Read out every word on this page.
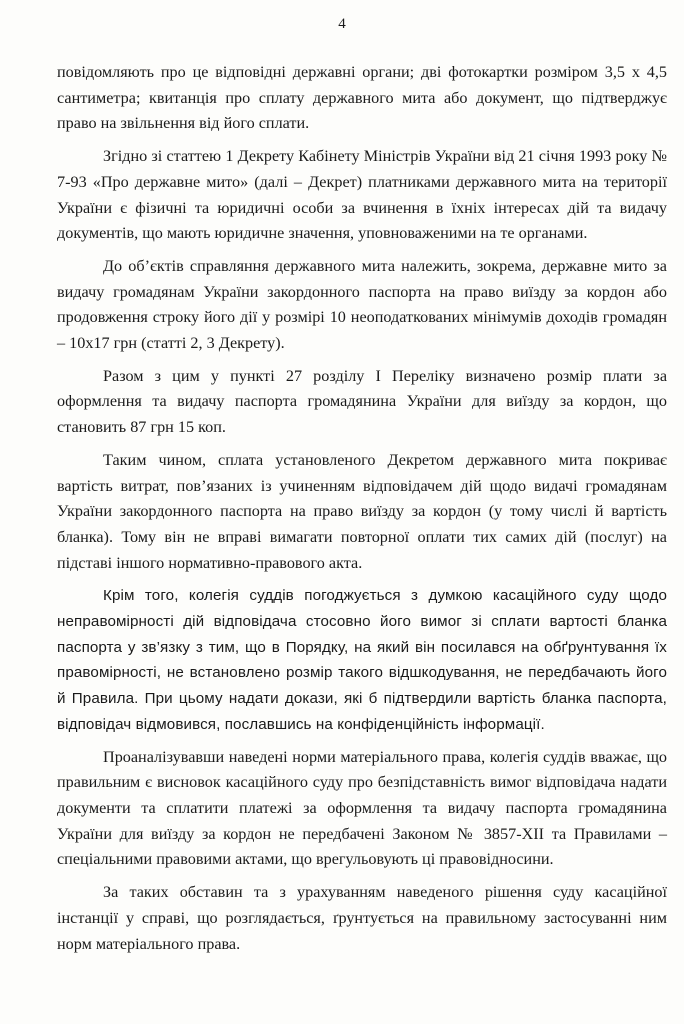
4

повідомляють про це відповідні державні органи; дві фотокартки розміром 3,5 х 4,5 сантиметра; квитанція про сплату державного мита або документ, що підтверджує право на звільнення від його сплати.

Згідно зі статтею 1 Декрету Кабінету Міністрів України від 21 січня 1993 року № 7-93 «Про державне мито» (далі – Декрет) платниками державного мита на території України є фізичні та юридичні особи за вчинення в їхніх інтересах дій та видачу документів, що мають юридичне значення, уповноваженими на те органами.

До об’єктів справляння державного мита належить, зокрема, державне мито за видачу громадянам України закордонного паспорта на право виїзду за кордон або продовження строку його дії у розмірі 10 неоподаткованих мінімумів доходів громадян – 10х17 грн (статті 2, 3 Декрету).

Разом з цим у пункті 27 розділу І Переліку визначено розмір плати за оформлення та видачу паспорта громадянина України для виїзду за кордон, що становить 87 грн 15 коп.

Таким чином, сплата установленого Декретом державного мита покриває вартість витрат, пов’язаних із учиненням відповідачем дій щодо видачі громадянам України закордонного паспорта на право виїзду за кордон (у тому числі й вартість бланка). Тому він не вправі вимагати повторної оплати тих самих дій (послуг) на підставі іншого нормативно-правового акта.

Крім того, колегія суддів погоджується з думкою касаційного суду щодо неправомірності дій відповідача стосовно його вимог зі сплати вартості бланка паспорта у зв’язку з тим, що в Порядку, на який він посилався на обґрунтування їх правомірності, не встановлено розмір такого відшкодування, не передбачають його й Правила. При цьому надати докази, які б підтвердили вартість бланка паспорта, відповідач відмовився, пославшись на конфіденційність інформації.

Проаналізувавши наведені норми матеріального права, колегія суддів вважає, що правильним є висновок касаційного суду про безпідставність вимог відповідача надати документи та сплатити платежі за оформлення та видачу паспорта громадянина України для виїзду за кордон не передбачені Законом № 3857-ХІІ та Правилами – спеціальними правовими актами, що врегульовують ці правовідносини.

За таких обставин та з урахуванням наведеного рішення суду касаційної інстанції у справі, що розглядається, ґрунтується на правильному застосуванні ним норм матеріального права.
